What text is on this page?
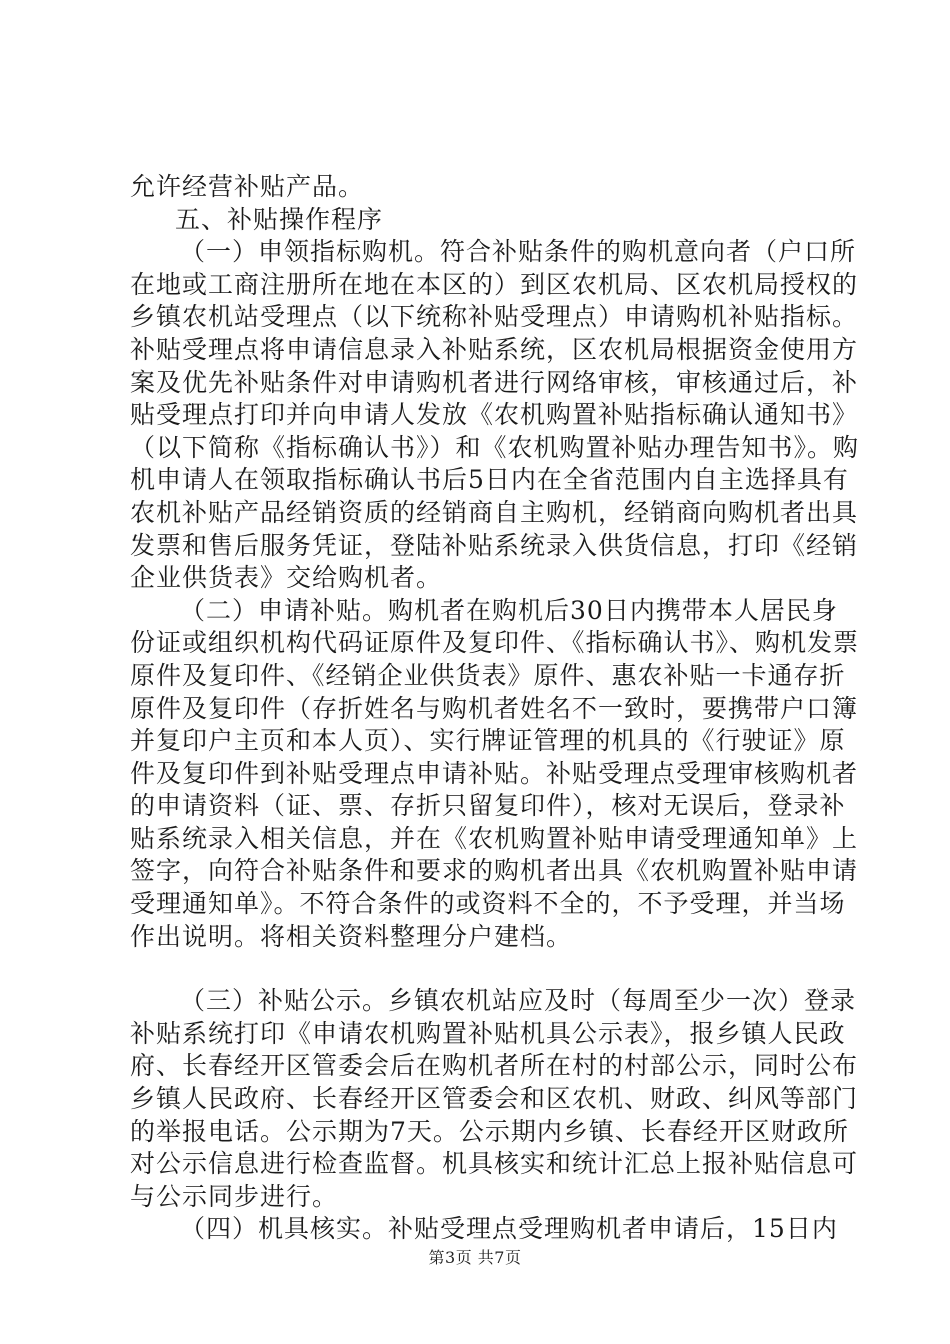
允许经营补贴产品。

五、补贴操作程序

（一）申领指标购机。符合补贴条件的购机意向者（户口所在地或工商注册所在地在本区的）到区农机局、区农机局授权的乡镇农机站受理点（以下统称补贴受理点）申请购机补贴指标。补贴受理点将申请信息录入补贴系统，区农机局根据资金使用方案及优先补贴条件对申请购机者进行网络审核，审核通过后，补贴受理点打印并向申请人发放《农机购置补贴指标确认通知书》（以下简称《指标确认书》）和《农机购置补贴办理告知书》。购机申请人在领取指标确认书后5日内在全省范围内自主选择具有农机补贴产品经销资质的经销商自主购机，经销商向购机者出具发票和售后服务凭证，登陆补贴系统录入供货信息，打印《经销企业供货表》交给购机者。

（二）申请补贴。购机者在购机后30日内携带本人居民身份证或组织机构代码证原件及复印件、《指标确认书》、购机发票原件及复印件、《经销企业供货表》原件、惠农补贴一卡通存折原件及复印件（存折姓名与购机者姓名不一致时，要携带户口簿并复印户主页和本人页）、实行牌证管理的机具的《行驶证》原件及复印件到补贴受理点申请补贴。补贴受理点受理审核购机者的申请资料（证、票、存折只留复印件），核对无误后，登录补贴系统录入相关信息，并在《农机购置补贴申请受理通知单》上签字，向符合补贴条件和要求的购机者出具《农机购置补贴申请受理通知单》。不符合条件的或资料不全的，不予受理，并当场作出说明。将相关资料整理分户建档。

（三）补贴公示。乡镇农机站应及时（每周至少一次）登录补贴系统打印《申请农机购置补贴机具公示表》，报乡镇人民政府、长春经开区管委会后在购机者所在村的村部公示，同时公布乡镇人民政府、长春经开区管委会和区农机、财政、纠风等部门的举报电话。公示期为7天。公示期内乡镇、长春经开区财政所对公示信息进行检查监督。机具核实和统计汇总上报补贴信息可与公示同步进行。

（四）机具核实。补贴受理点受理购机者申请后，15日内

第3页 共7页
